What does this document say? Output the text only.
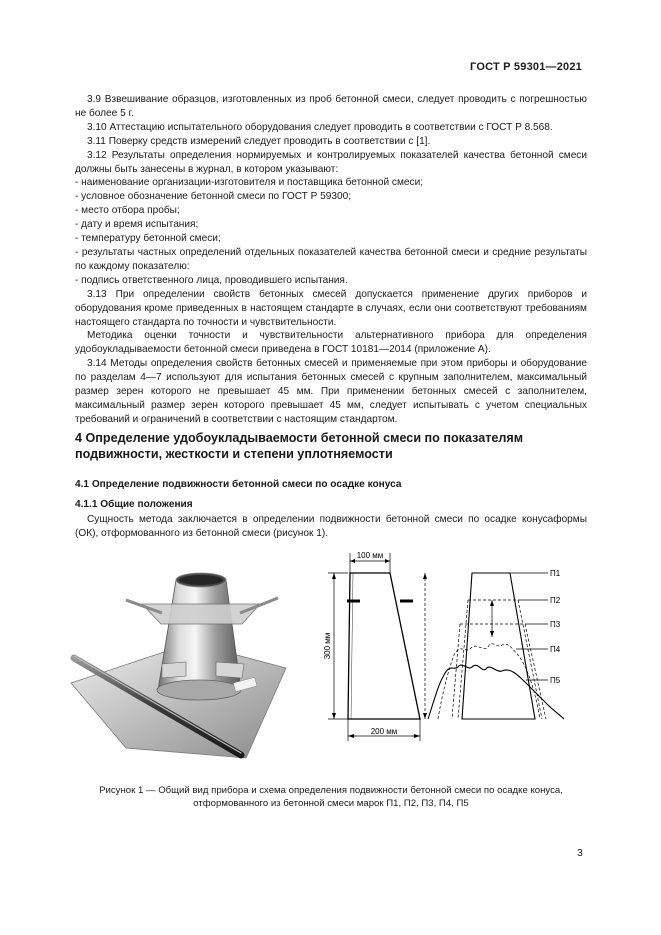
ГОСТ Р 59301—2021

3.9 Взвешивание образцов, изготовленных из проб бетонной смеси, следует проводить с погрешностью не более 5 г.

3.10 Аттестацию испытательного оборудования следует проводить в соответствии с ГОСТ Р 8.568.

3.11 Поверку средств измерений следует проводить в соответствии с [1].

3.12 Результаты определения нормируемых и контролируемых показателей качества бетонной смеси должны быть занесены в журнал, в котором указывают:

- наименование организации-изготовителя и поставщика бетонной смеси;

- условное обозначение бетонной смеси по ГОСТ Р 59300;

- место отбора пробы;

- дату и время испытания;

- температуру бетонной смеси;

- результаты частных определений отдельных показателей качества бетонной смеси и средние результаты по каждому показателю:

- подпись ответственного лица, проводившего испытания.

3.13 При определении свойств бетонных смесей допускается применение других приборов и оборудования кроме приведенных в настоящем стандарте в случаях, если они соответствуют требованиям настоящего стандарта по точности и чувствительности.

Методика оценки точности и чувствительности альтернативного прибора для определения удобоукладываемости бетонной смеси приведена в ГОСТ 10181—2014 (приложение А).

3.14 Методы определения свойств бетонных смесей и применяемые при этом приборы и оборудование по разделам 4—7 используют для испытания бетонных смесей с крупным заполнителем, максимальный размер зерен которого не превышает 45 мм. При применении бетонных смесей с заполнителем, максимальный размер зерен которого превышает 45 мм, следует испытывать с учетом специальных требований и ограничений в соответствии с настоящим стандартом.

4 Определение удобоукладываемости бетонной смеси по показателям подвижности, жесткости и степени уплотняемости
4.1 Определение подвижности бетонной смеси по осадке конуса
4.1.1 Общие положения

Сущность метода заключается в определении подвижности бетонной смеси по осадке конусаформы (ОК), отформованного из бетонной смеси (рисунок 1).

100 мм
300 мм
200 мм
П1
П2
П3
П4
П5
Рисунок 1 — Общий вид прибора и схема определения подвижности бетонной смеси по осадке конуса,
отформованного из бетонной смеси марок П1, П2, П3, П4, П5
3
